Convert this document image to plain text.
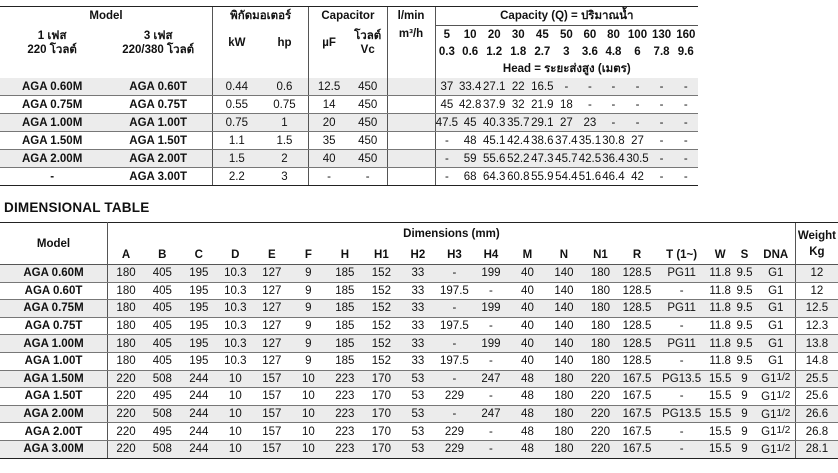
Model		พิกัดมอเตอร์		Capacitor		l/min	Capacity (Q) = ปริมาณน้ำ										
1 เฟส
220 โวลต์	3 เฟส
220/380 โวลต์	kW	hp	µF	โวลต์
Vc	m³/h	5	10	20	30	45	50	60	80	100	130	160
							0.3	0.6	1.2	1.8	2.7	3	3.6	4.8	6	7.8	9.6
							Head = ระยะส่งสูง (เมตร)										
AGA 0.60M	AGA 0.60T	0.44	0.6	12.5	450		37	33.4	27.1	22	16.5	-	-	-	-	-	-
AGA 0.75M	AGA 0.75T	0.55	0.75	14	450		45	42.8	37.9	32	21.9	18	-	-	-	-	-
AGA 1.00M	AGA 1.00T	0.75	1	20	450		47.5	45	40.3	35.7	29.1	27	23	-	-	-	-
AGA 1.50M	AGA 1.50T	1.1	1.5	35	450		-	48	45.1	42.4	38.6	37.4	35.1	30.8	27	-	-
AGA 2.00M	AGA 2.00T	1.5	2	40	450		-	59	55.6	52.2	47.3	45.7	42.5	36.4	30.5	-	-
-	AGA 3.00T	2.2	3	-	-		-	68	64.3	60.8	55.9	54.4	51.6	46.4	42	-	-
DIMENSIONAL TABLE
Model	Dimensions (mm)																			Weight
Kg
	A	B	C	D	E	F	H	H1	H2	H3	H4	M	N	N1	R	T (1~)	W	S	DNA	
AGA 0.60M	180	405	195	10.3	127	9	185	152	33	-	199	40	140	180	128.5	PG11	11.8	9.5	G1	12
AGA 0.60T	180	405	195	10.3	127	9	185	152	33	197.5	-	40	140	180	128.5	-	11.8	9.5	G1	12
AGA 0.75M	180	405	195	10.3	127	9	185	152	33	-	199	40	140	180	128.5	PG11	11.8	9.5	G1	12.5
AGA 0.75T	180	405	195	10.3	127	9	185	152	33	197.5	-	40	140	180	128.5	-	11.8	9.5	G1	12.3
AGA 1.00M	180	405	195	10.3	127	9	185	152	33	-	199	40	140	180	128.5	PG11	11.8	9.5	G1	13.8
AGA 1.00T	180	405	195	10.3	127	9	185	152	33	197.5	-	40	140	180	128.5	-	11.8	9.5	G1	14.8
AGA 1.50M	220	508	244	10	157	10	223	170	53	-	247	48	180	220	167.5	PG13.5	15.5	9	G11/2	25.5
AGA 1.50T	220	495	244	10	157	10	223	170	53	229	-	48	180	220	167.5	-	15.5	9	G11/2	25.6
AGA 2.00M	220	508	244	10	157	10	223	170	53	-	247	48	180	220	167.5	PG13.5	15.5	9	G11/2	26.6
AGA 2.00T	220	495	244	10	157	10	223	170	53	229	-	48	180	220	167.5	-	15.5	9	G11/2	26.8
AGA 3.00M	220	508	244	10	157	10	223	170	53	229	-	48	180	220	167.5	-	15.5	9	G11/2	28.1
